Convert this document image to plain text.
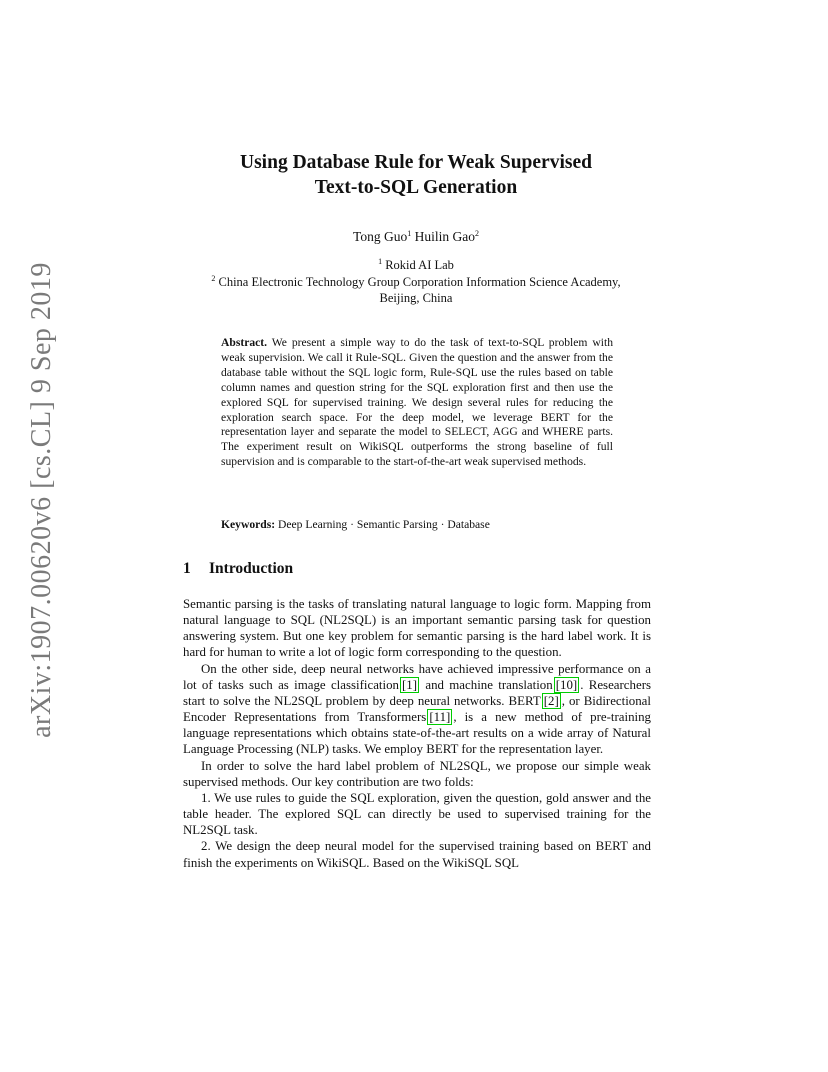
arXiv:1907.00620v6 [cs.CL] 9 Sep 2019
Using Database Rule for Weak Supervised
Text-to-SQL Generation
Tong Guo$^1$ Huilin Gao$^2$
$^1$ Rokid AI Lab
$^2$ China Electronic Technology Group Corporation Information Science Academy,
Beijing, China
Abstract. We present a simple way to do the task of text-to-SQL problem with weak supervision. We call it Rule-SQL. Given the question and the answer from the database table without the SQL logic form, Rule-SQL use the rules based on table column names and question string for the SQL exploration first and then use the explored SQL for supervised training. We design several rules for reducing the exploration search space. For the deep model, we leverage BERT for the representation layer and separate the model to SELECT, AGG and WHERE parts. The experiment result on WikiSQL outperforms the strong baseline of full supervision and is comparable to the start-of-the-art weak supervised methods.
Keywords: Deep Learning · Semantic Parsing · Database
1 Introduction

Semantic parsing is the tasks of translating natural language to logic form. Mapping from natural language to SQL (NL2SQL) is an important semantic parsing task for question answering system. But one key problem for semantic parsing is the hard label work. It is hard for human to write a lot of logic form corresponding to the question.

On the other side, deep neural networks have achieved impressive performance on a lot of tasks such as image classification [1] and machine translation [10] . Researchers start to solve the NL2SQL problem by deep neural networks. BERT [2] , or Bidirectional Encoder Representations from Transformers [11] , is a new method of pre-training language representations which obtains state-of-the-art results on a wide array of Natural Language Processing (NLP) tasks. We employ BERT for the representation layer.

In order to solve the hard label problem of NL2SQL, we propose our simple weak supervised methods. Our key contribution are two folds:

1. We use rules to guide the SQL exploration, given the question, gold answer and the table header. The explored SQL can directly be used to supervised training for the NL2SQL task.

2. We design the deep neural model for the supervised training based on BERT and finish the experiments on WikiSQL. Based on the WikiSQL SQL
